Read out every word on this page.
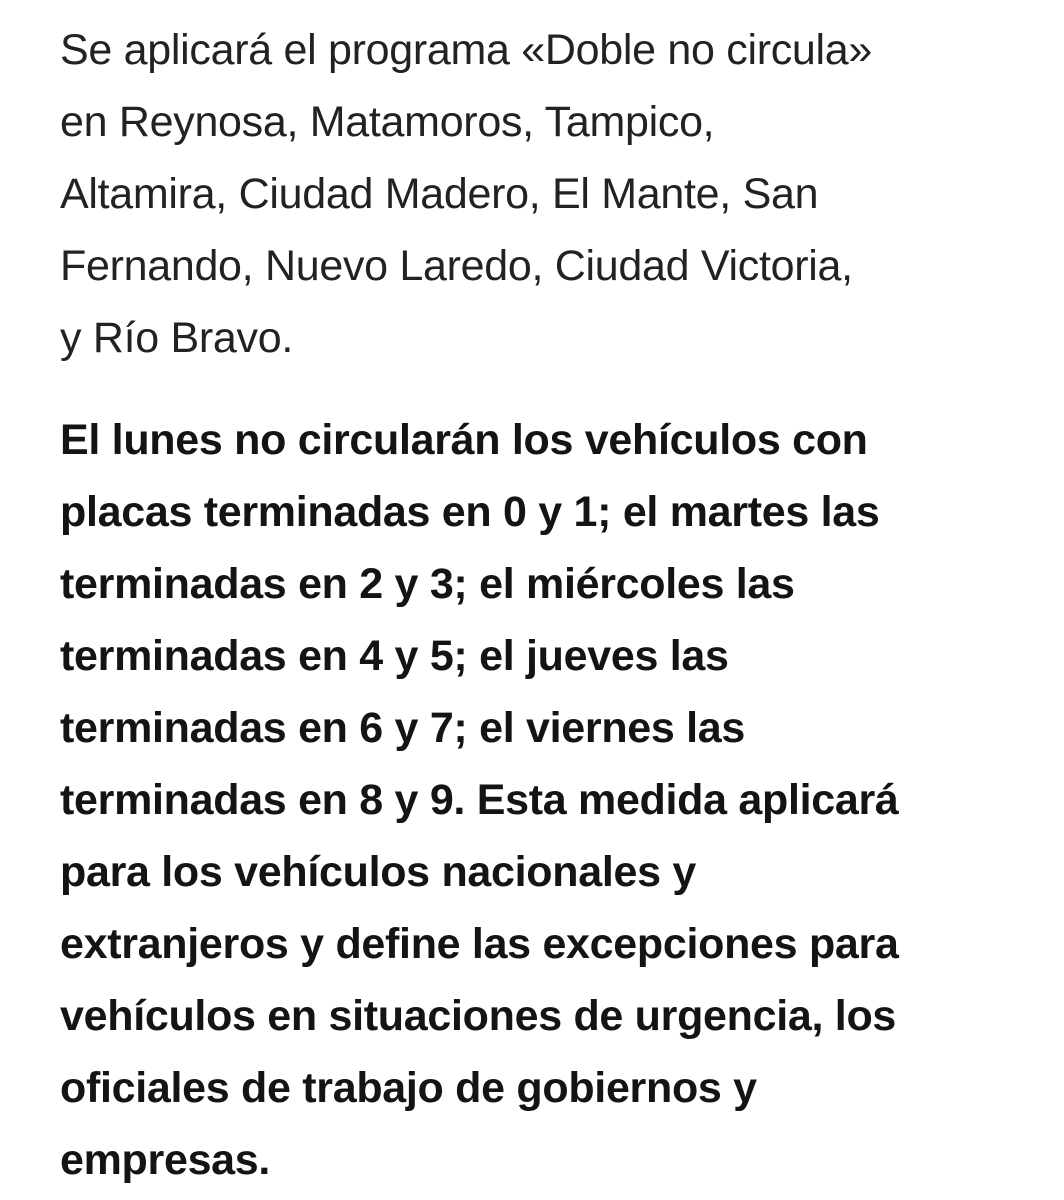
Se aplicará el programa «Doble no circula»
en Reynosa, Matamoros, Tampico,
Altamira, Ciudad Madero, El Mante, San
Fernando, Nuevo Laredo, Ciudad Victoria,
y Río Bravo.

El lunes no circularán los vehículos con
placas terminadas en 0 y 1; el martes las
terminadas en 2 y 3; el miércoles las
terminadas en 4 y 5; el jueves las
terminadas en 6 y 7; el viernes las
terminadas en 8 y 9. Esta medida aplicará
para los vehículos nacionales y
extranjeros y define las excepciones para
vehículos en situaciones de urgencia, los
oficiales de trabajo de gobiernos y
empresas.
